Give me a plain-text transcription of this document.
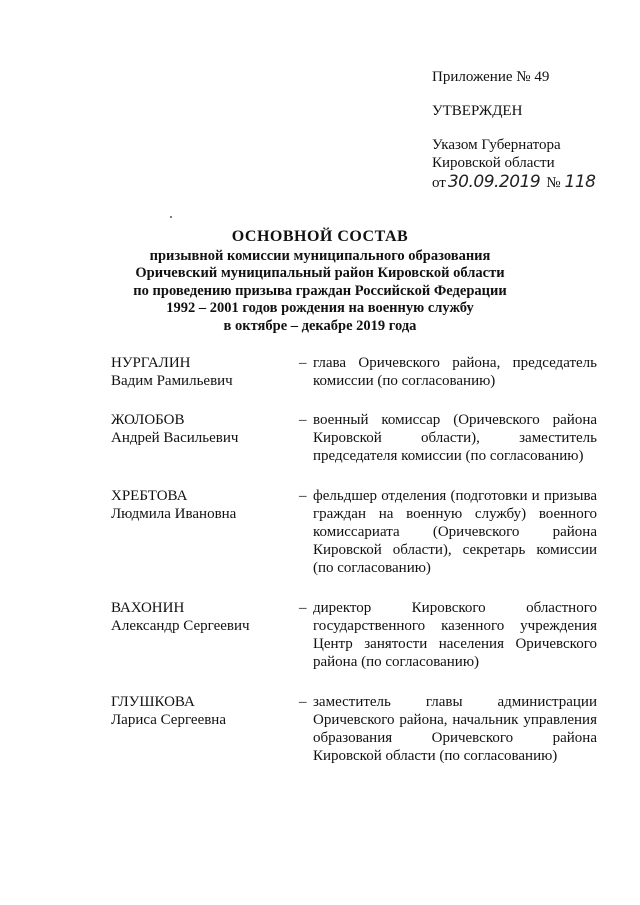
Приложение № 49
УТВЕРЖДЕН
Указом Губернатора
Кировской области
от 30.09.2019 № 118
ОСНОВНОЙ СОСТАВ
призывной комиссии муниципального образования
Оричевский муниципальный район Кировской области
по проведению призыва граждан Российской Федерации
1992 – 2001 годов рождения на военную службу
в октябре – декабре 2019 года
НУРГАЛИН
Вадим Рамильевич
– глава Оричевского района, председатель комиссии (по согласованию)
ЖОЛОБОВ
Андрей Васильевич
– военный комиссар (Оричевского района Кировской области), заместитель председателя комиссии (по согласованию)
ХРЕБТОВА
Людмила Ивановна
– фельдшер отделения (подготовки и призыва граждан на военную службу) военного комиссариата (Оричевского района Кировской области), секретарь комиссии (по согласованию)
ВАХОНИН
Александр Сергеевич
– директор Кировского областного государственного казенного учреждения Центр занятости населения Оричевского района (по согласованию)
ГЛУШКОВА
Лариса Сергеевна
– заместитель главы администрации Оричевского района, начальник управления образования Оричевского района Кировской области (по согласованию)
